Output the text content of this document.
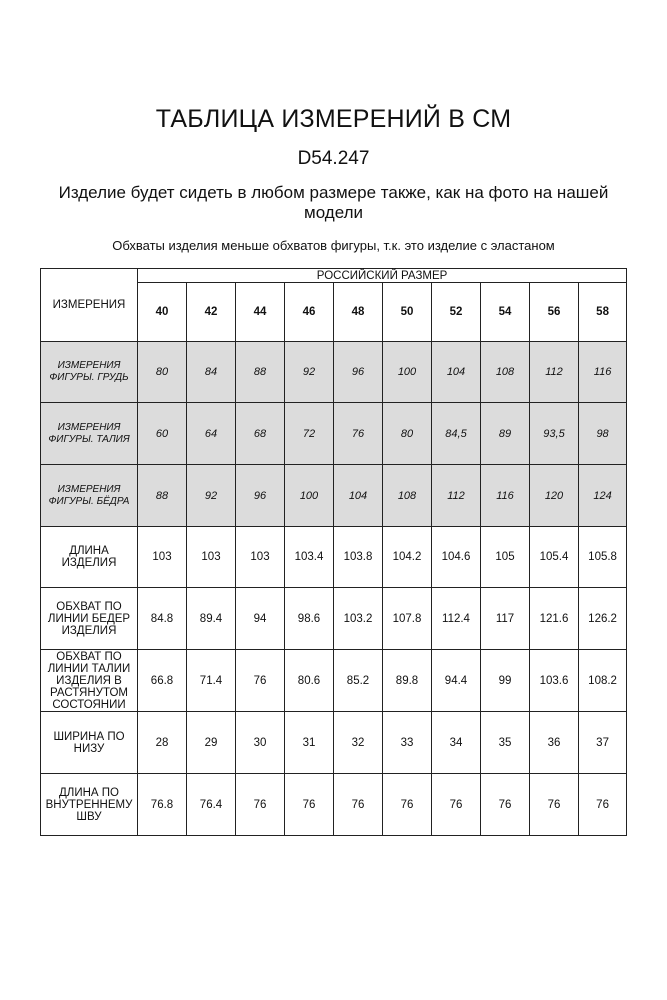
ТАБЛИЦА ИЗМЕРЕНИЙ В СМ
D54.247
Изделие будет сидеть в любом размере также, как на фото на нашей модели
Обхваты изделия меньше обхватов фигуры, т.к. это изделие с эластаном
ИЗМЕРЕНИЯ	РОССИЙСКИЙ РАЗМЕР									
	40	42	44	46	48	50	52	54	56	58
ИЗМЕРЕНИЯ ФИГУРЫ. ГРУДЬ	80	84	88	92	96	100	104	108	112	116
ИЗМЕРЕНИЯ ФИГУРЫ. ТАЛИЯ	60	64	68	72	76	80	84,5	89	93,5	98
ИЗМЕРЕНИЯ ФИГУРЫ. БЁДРА	88	92	96	100	104	108	112	116	120	124
ДЛИНА ИЗДЕЛИЯ	103	103	103	103.4	103.8	104.2	104.6	105	105.4	105.8
ОБХВАТ ПО ЛИНИИ БЕДЕР ИЗДЕЛИЯ	84.8	89.4	94	98.6	103.2	107.8	112.4	117	121.6	126.2
ОБХВАТ ПО ЛИНИИ ТАЛИИ ИЗДЕЛИЯ В РАСТЯНУТОМ СОСТОЯНИИ	66.8	71.4	76	80.6	85.2	89.8	94.4	99	103.6	108.2
ШИРИНА ПО НИЗУ	28	29	30	31	32	33	34	35	36	37
ДЛИНА ПО ВНУТРЕННЕМУ ШВУ	76.8	76.4	76	76	76	76	76	76	76	76
